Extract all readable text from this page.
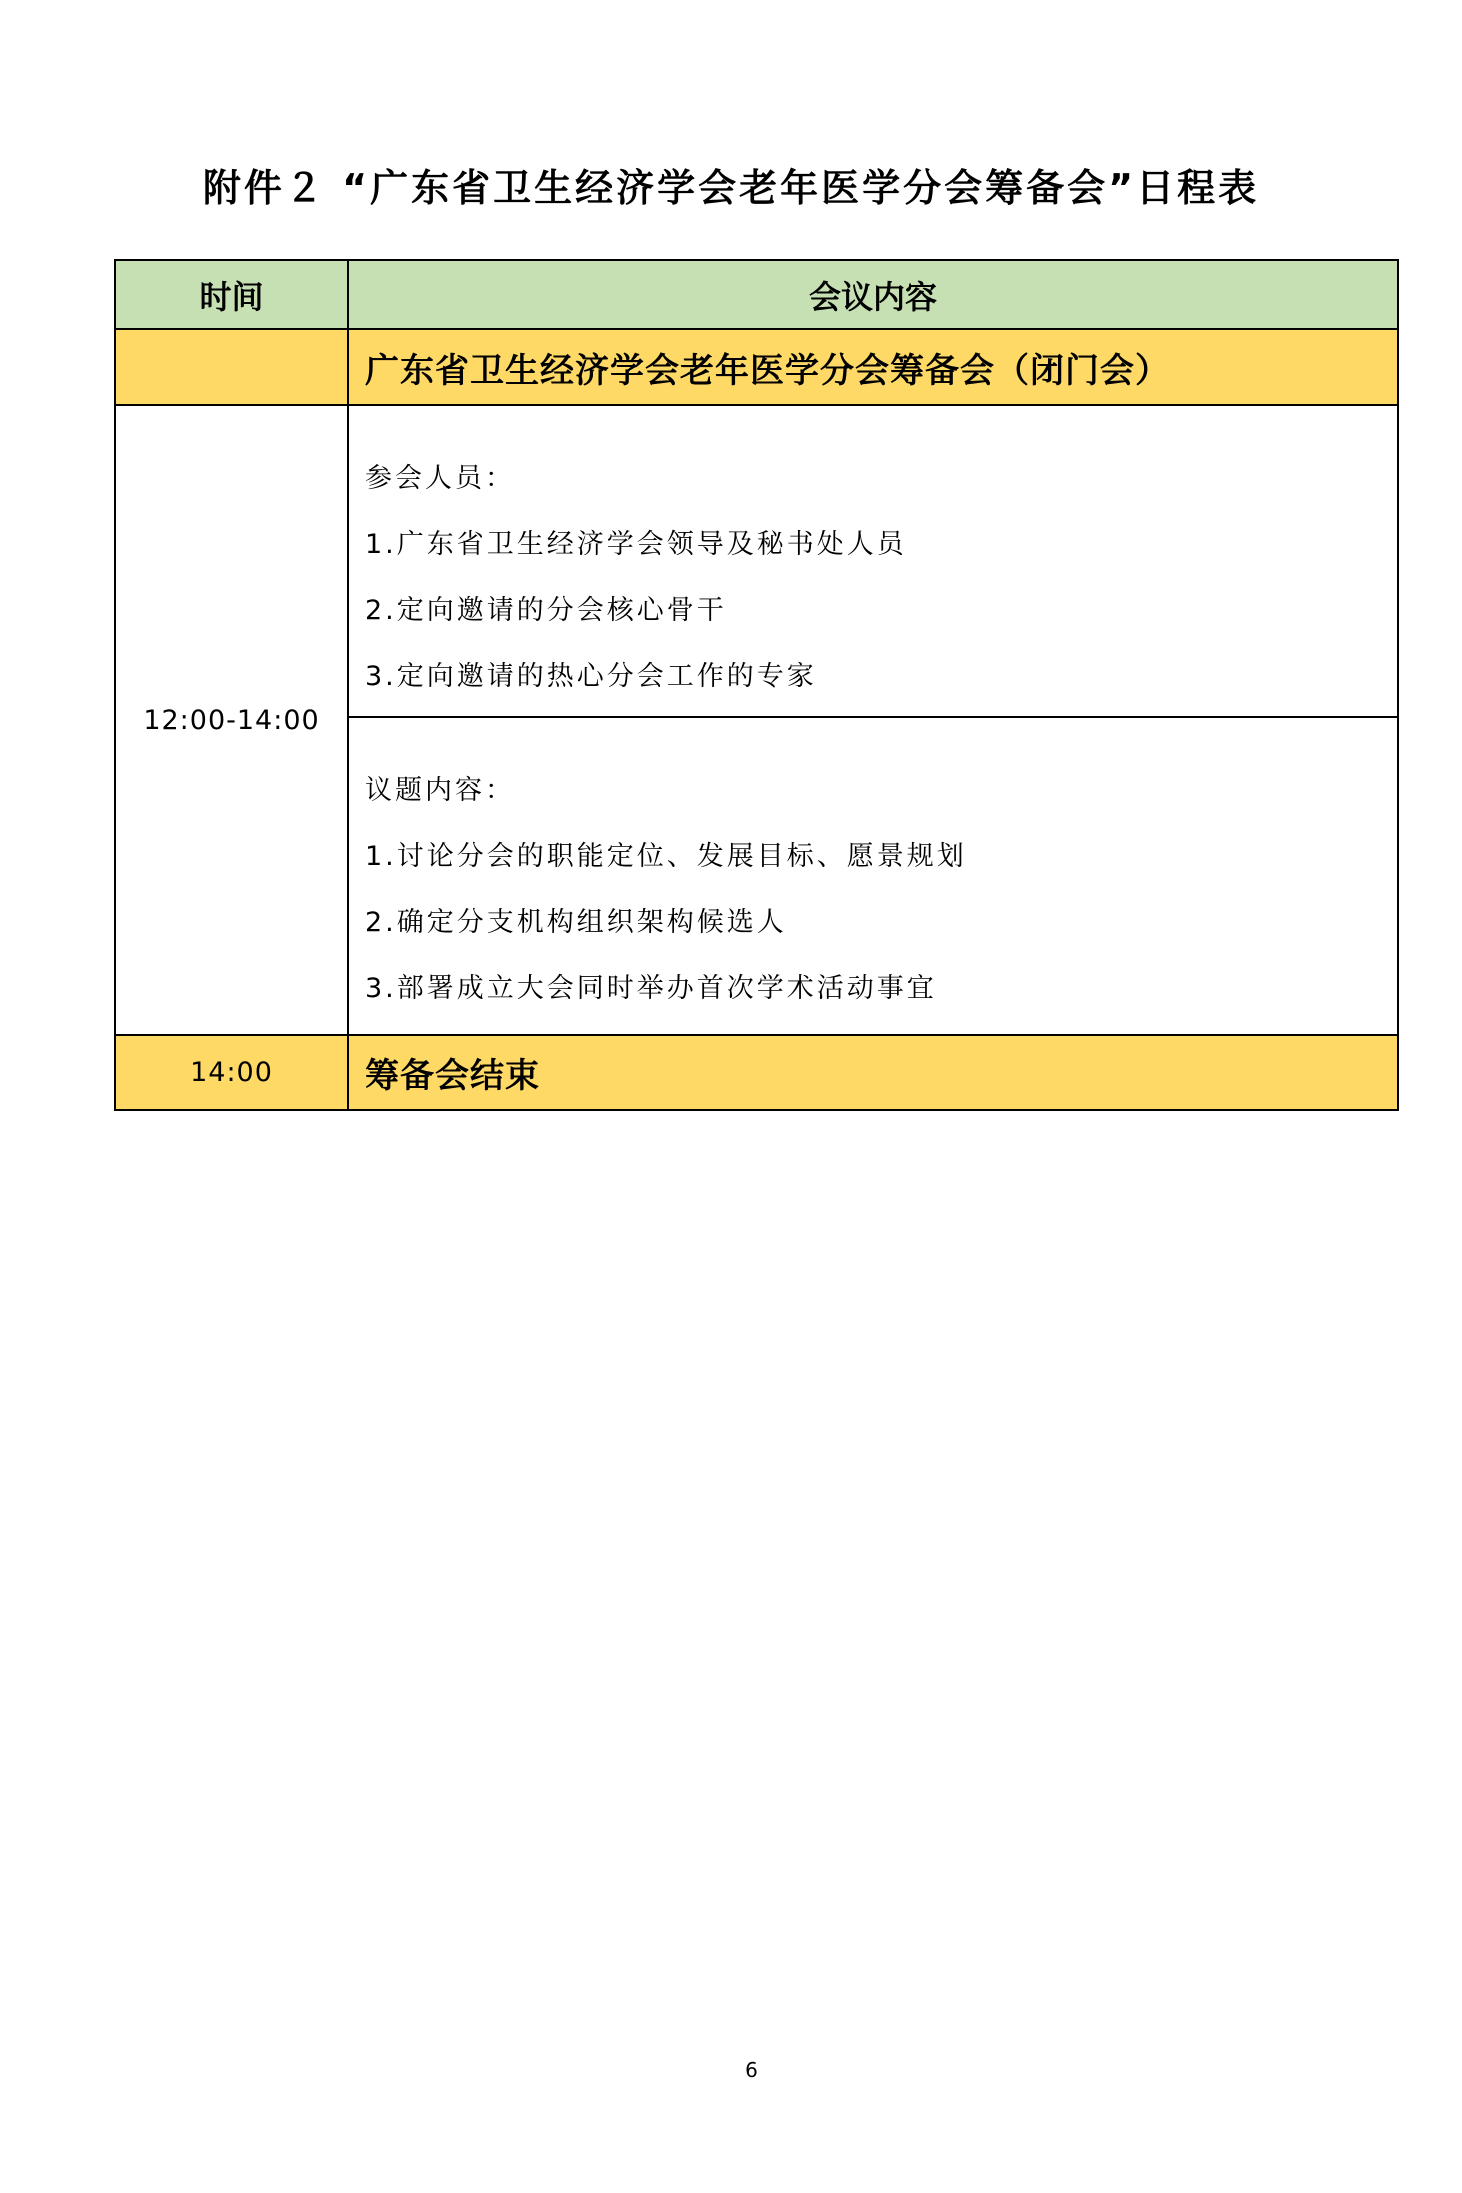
附件２ “广东省卫生经济学会老年医学分会筹备会”日程表
时间	会议内容
	广东省卫生经济学会老年医学分会筹备会（闭门会）
12:00-14:00	参会人员：
1.广东省卫生经济学会领导及秘书处人员
2.定向邀请的分会核心骨干
3.定向邀请的热心分会工作的专家

	议题内容：
1.讨论分会的职能定位、发展目标、愿景规划
2.确定分支机构组织架构候选人
3.部署成立大会同时举办首次学术活动事宜

14:00	筹备会结束
6
